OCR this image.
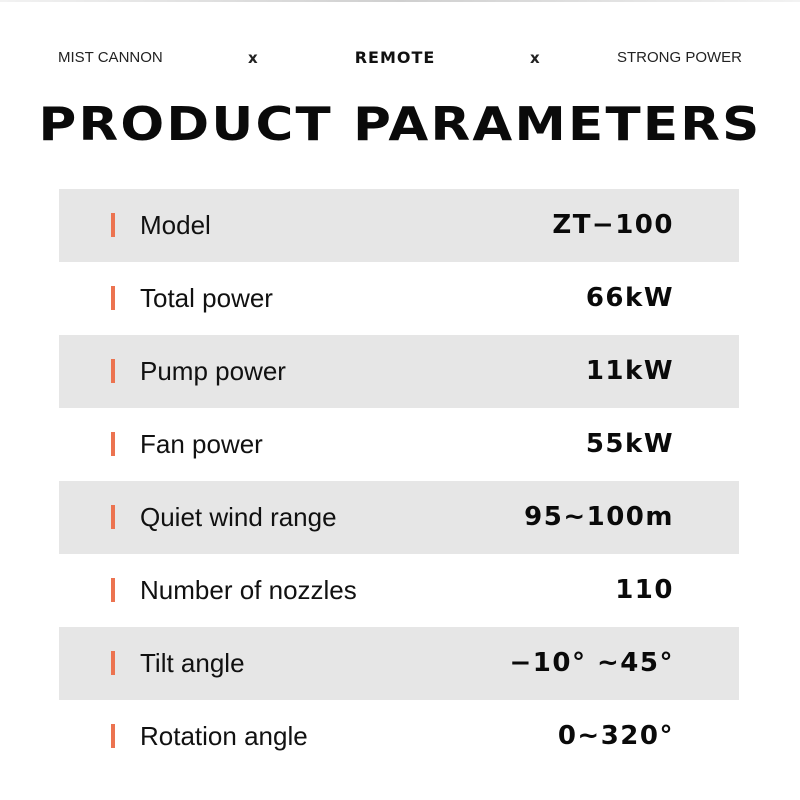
MIST CANNON	x	REMOTE	x	STRONG POWER
PRODUCT PARAMETERS
Model	ZT−100
Total power	66kW
Pump power	11kW
Fan power	55kW
Quiet wind range	95~100m
Number of nozzles	110
Tilt angle	−10° ~45°
Rotation angle	0~320°
